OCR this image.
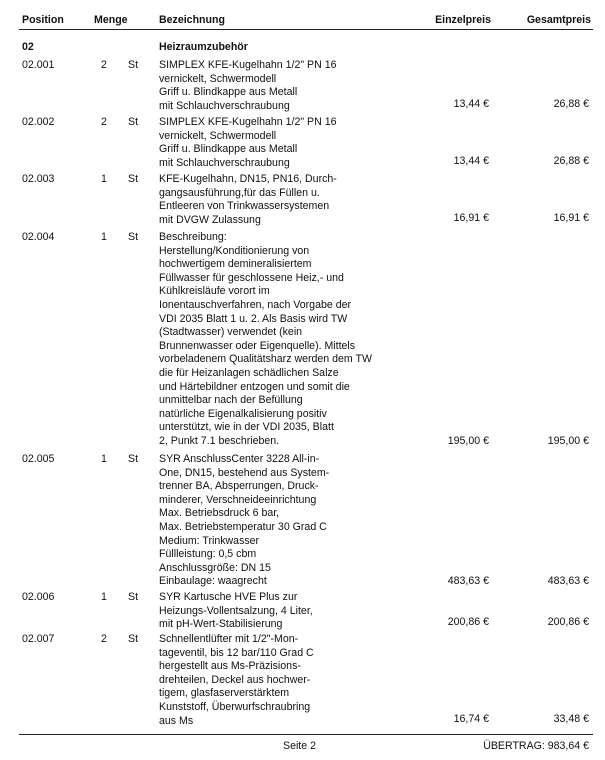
Position	Menge	Bezeichnung	Einzelpreis	Gesamtpreis
02	Heizraumzubehör
02.001	2 St SIMPLEX KFE-Kugelhahn 1/2" PN 16
vernickelt, Schwermodell
Griff u. Blindkappe aus Metall
mit Schlauchverschraubung	13,44 €	26,88 €
02.002	2 St SIMPLEX KFE-Kugelhahn 1/2" PN 16
vernickelt, Schwermodell
Griff u. Blindkappe aus Metall
mit Schlauchverschraubung	13,44 €	26,88 €
02.003	1 St KFE-Kugelhahn, DN15, PN16, Durch-
gangsausführung,für das Füllen u.
Entleeren von Trinkwassersystemen
mit DVGW Zulassung	16,91 €	16,91 €
02.004	1 St Beschreibung:
Herstellung/Konditionierung von
hochwertigem demineralisiertem
Füllwasser für geschlossene Heiz,- und
Kühlkreisläufe vorort im
Ionentauschverfahren, nach Vorgabe der
VDI 2035 Blatt 1 u. 2. Als Basis wird TW
(Stadtwasser) verwendet (kein
Brunnenwasser oder Eigenquelle). Mittels
vorbeladenem Qualitätsharz werden dem TW
die für Heizanlagen schädlichen Salze
und Härtebildner entzogen und somit die
unmittelbar nach der Befüllung
natürliche Eigenalkalisierung positiv
unterstützt, wie in der VDI 2035, Blatt
2, Punkt 7.1 beschrieben.	195,00 €	195,00 €
02.005	1 St SYR AnschlussCenter 3228 All-in-
One, DN15, bestehend aus System-
trenner BA, Absperrungen, Druck-
minderer, Verschneideeinrichtung
Max. Betriebsdruck 6 bar,
Max. Betriebstemperatur 30 Grad C
Medium: Trinkwasser
Füllleistung: 0,5 cbm
Anschlussgröße: DN 15
Einbaulage: waagrecht	483,63 €	483,63 €
02.006	1 St SYR Kartusche HVE Plus zur
Heizungs-Vollentsalzung, 4 Liter,
mit pH-Wert-Stabilisierung	200,86 €	200,86 €
02.007	2 St Schnellentlüfter mit 1/2"-Mon-
tageventil, bis 12 bar/110 Grad C
hergestellt aus Ms-Präzisions-
drehteilen, Deckel aus hochwer-
tigem, glasfaserverstärktem
Kunststoff, Überwurfschraubring
aus Ms	16,74 €	33,48 €
Seite 2	ÜBERTRAG: 983,64 €
